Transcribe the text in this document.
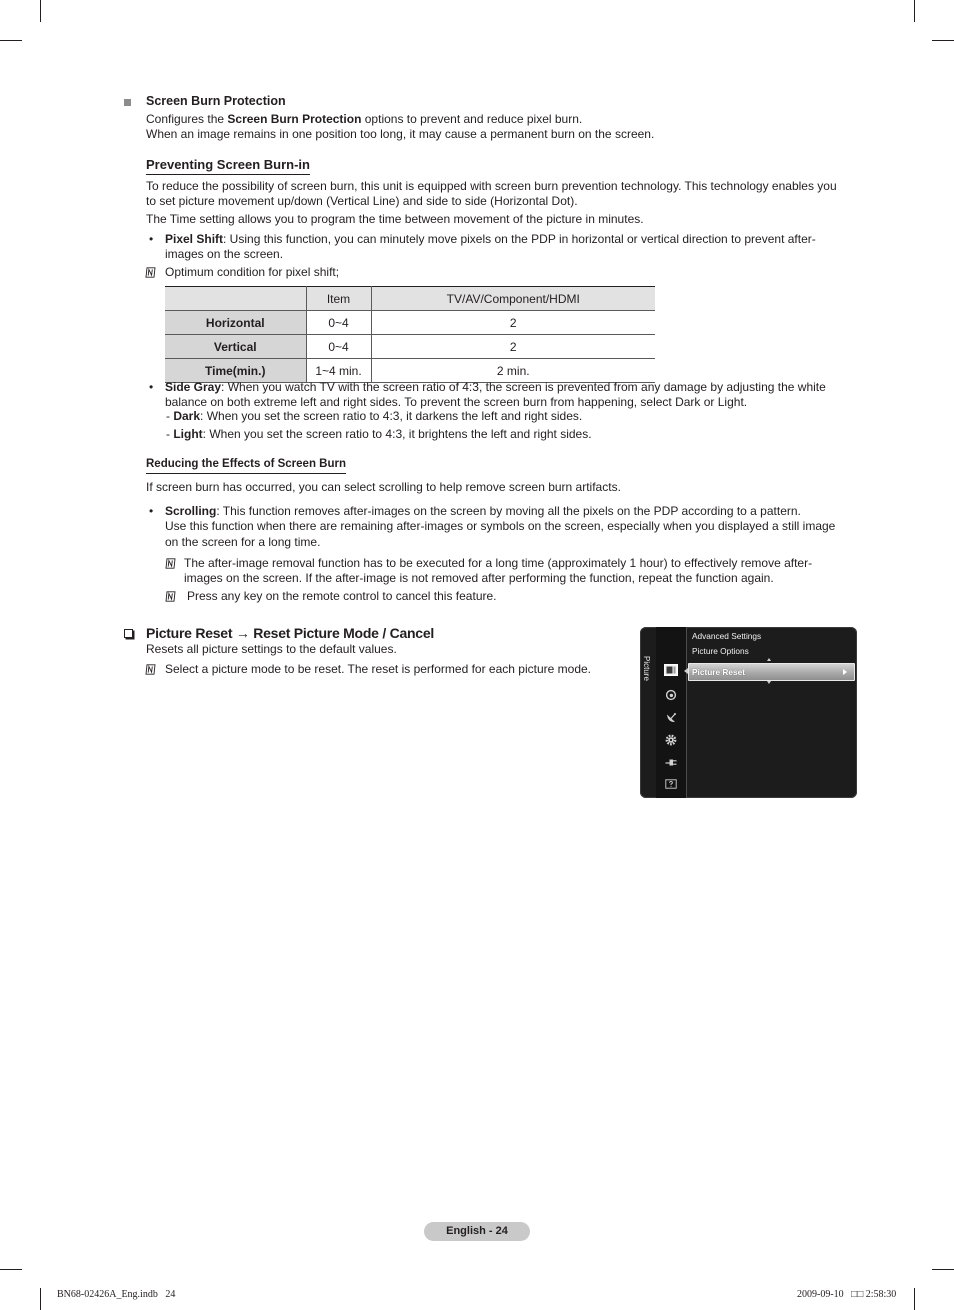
Screen Burn Protection
Configures the Screen Burn Protection options to prevent and reduce pixel burn.
When an image remains in one position too long, it may cause a permanent burn on the screen.
Preventing Screen Burn-in
To reduce the possibility of screen burn, this unit is equipped with screen burn prevention technology. This technology enables you
to set picture movement up/down (Vertical Line) and side to side (Horizontal Dot).
The Time setting allows you to program the time between movement of the picture in minutes.
• Pixel Shift: Using this function, you can minutely move pixels on the PDP in horizontal or vertical direction to prevent after-
images on the screen.
Optimum condition for pixel shift;
	Item	TV/AV/Component/HDMI
Horizontal	0~4	2
Vertical	0~4	2
Time(min.)	1~4 min.	2 min.
• Side Gray: When you watch TV with the screen ratio of 4:3, the screen is prevented from any damage by adjusting the white
balance on both extreme left and right sides. To prevent the screen burn from happening, select Dark or Light.
- Dark: When you set the screen ratio to 4:3, it darkens the left and right sides.
- Light: When you set the screen ratio to 4:3, it brightens the left and right sides.
Reducing the Effects of Screen Burn
If screen burn has occurred, you can select scrolling to help remove screen burn artifacts.
• Scrolling: This function removes after-images on the screen by moving all the pixels on the PDP according to a pattern.
Use this function when there are remaining after-images or symbols on the screen, especially when you displayed a still image
on the screen for a long time.
The after-image removal function has to be executed for a long time (approximately 1 hour) to effectively remove after-
images on the screen. If the after-image is not removed after performing the function, repeat the function again.
Press any key on the remote control to cancel this feature.
Picture Reset → Reset Picture Mode / Cancel
Resets all picture settings to the default values.
Select a picture mode to be reset. The reset is performed for each picture mode.	Picture
Advanced Settings
Picture Options
Picture Reset
English - 24
BN68-02426A_Eng.indb   24	2009-09-10   □□ 2:58:30
